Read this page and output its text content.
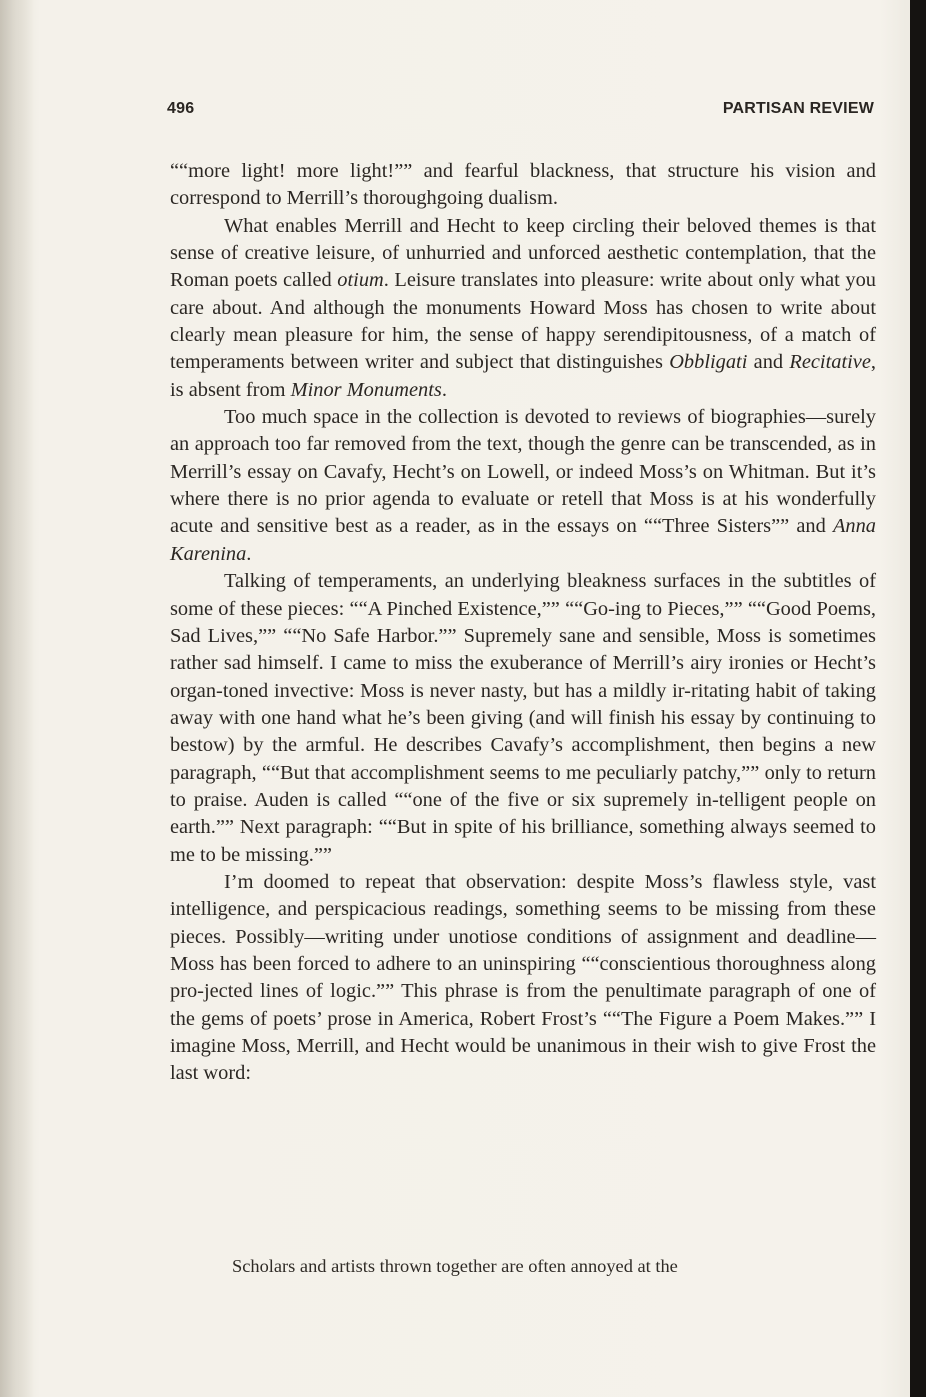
496	PARTISAN REVIEW

““more light! more light!”” and fearful blackness, that structure his vision and correspond to Merrill’s thoroughgoing dualism.

What enables Merrill and Hecht to keep circling their beloved themes is that sense of creative leisure, of unhurried and unforced aesthetic contemplation, that the Roman poets called otium. Leisure translates into pleasure: write about only what you care about. And although the monuments Howard Moss has chosen to write about clearly mean pleasure for him, the sense of happy serendipitousness, of a match of temperaments between writer and subject that distinguishes Obbligati and Recitative, is absent from Minor Monuments.

Too much space in the collection is devoted to reviews of biographies—surely an approach too far removed from the text, though the genre can be transcended, as in Merrill’s essay on Cavafy, Hecht’s on Lowell, or indeed Moss’s on Whitman. But it’s where there is no prior agenda to evaluate or retell that Moss is at his wonderfully acute and sensitive best as a reader, as in the essays on ““Three Sisters”” and Anna Karenina.

Talking of temperaments, an underlying bleakness surfaces in the subtitles of some of these pieces: ““A Pinched Existence,”” ““Go-ing to Pieces,”” ““Good Poems, Sad Lives,”” ““No Safe Harbor.”” Supremely sane and sensible, Moss is sometimes rather sad himself. I came to miss the exuberance of Merrill’s airy ironies or Hecht’s organ-toned invective: Moss is never nasty, but has a mildly ir-ritating habit of taking away with one hand what he’s been giving (and will finish his essay by continuing to bestow) by the armful. He describes Cavafy’s accomplishment, then begins a new paragraph, ““But that accomplishment seems to me peculiarly patchy,”” only to return to praise. Auden is called ““one of the five or six supremely in-telligent people on earth.”” Next paragraph: ““But in spite of his brilliance, something always seemed to me to be missing.””

I’m doomed to repeat that observation: despite Moss’s flawless style, vast intelligence, and perspicacious readings, something seems to be missing from these pieces. Possibly—writing under unotiose conditions of assignment and deadline—Moss has been forced to adhere to an uninspiring ““conscientious thoroughness along pro-jected lines of logic.”” This phrase is from the penultimate paragraph of one of the gems of poets’ prose in America, Robert Frost’s ““The Figure a Poem Makes.”” I imagine Moss, Merrill, and Hecht would be unanimous in their wish to give Frost the last word:

Scholars and artists thrown together are often annoyed at the
